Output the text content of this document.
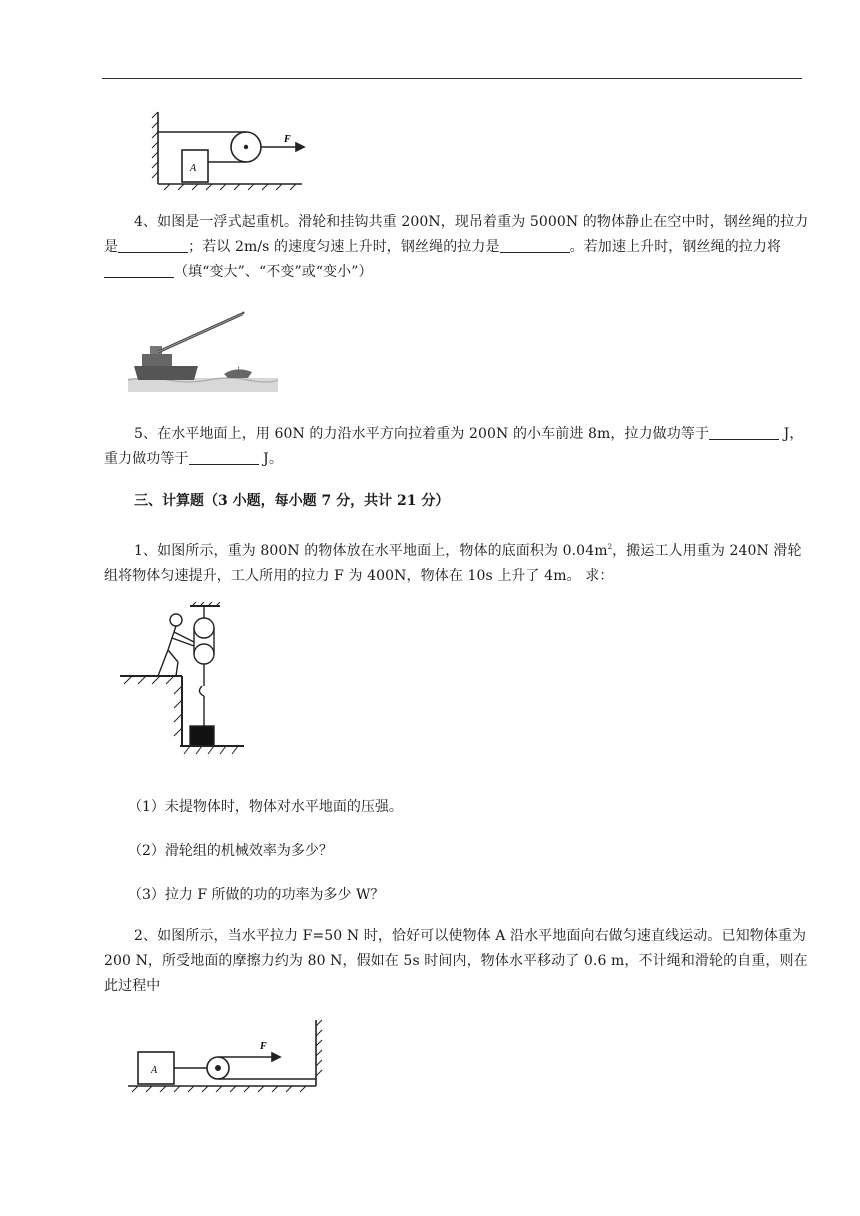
A
F

4、如图是一浮式起重机。滑轮和挂钩共重 200N，现吊着重为 5000N 的物体静止在空中时，钢丝绳的拉力是	；若以 2m/s 的速度匀速上升时，钢丝绳的拉力是	。若加速上升时，钢丝绳的拉力将（填“变大”、“不变”或“变小”）

!

5、在水平地面上，用 60N 的力沿水平方向拉着重为 200N 的小车前进 8m，拉力做功等于	J，重力做功等于	J。

三、计算题（3 小题，每小题 7 分，共计 21 分）

1、如图所示，重为 800N 的物体放在水平地面上，物体的底面积为 $0.04m^2$，搬运工人用重为 240N 滑轮组将物体匀速提升，工人所用的拉力 F 为 400N，物体在 10s 上升了 4m。 求：

（1）未提物体时，物体对水平地面的压强。
（2）滑轮组的机械效率为多少？
（3）拉力 F 所做的功的功率为多少 W？

2、如图所示，当水平拉力 F=50 N 时，恰好可以使物体 A 沿水平地面向右做匀速直线运动。已知物体重为 200 N，所受地面的摩擦力约为 80 N，假如在 5s 时间内，物体水平移动了 0.6 m，不计绳和滑轮的自重，则在此过程中

A
F
